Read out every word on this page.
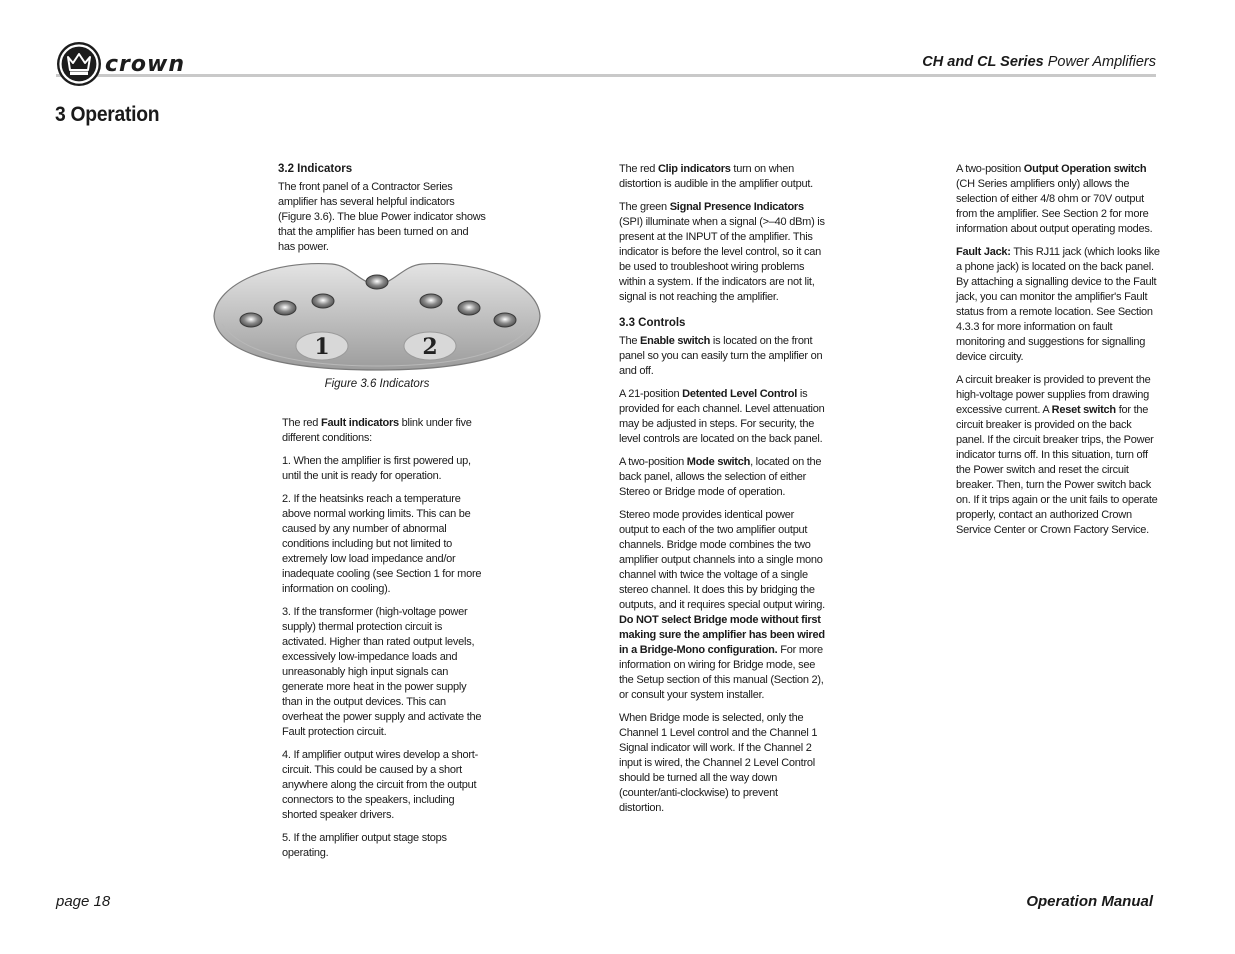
crown	CH and CL Series Power Amplifiers
3 Operation
3.2 Indicators

The front panel of a Contractor Series amplifier has several helpful indicators (Figure 3.6). The blue Power indicator shows that the amplifier has been turned on and has power.

1	2
Figure 3.6 Indicators

The red Fault indicators blink under five different conditions:

1. When the amplifier is first powered up, until the unit is ready for operation.

2. If the heatsinks reach a temperature above normal working limits. This can be caused by any number of abnormal conditions including but not limited to extremely low load impedance and/or inadequate cooling (see Section 1 for more information on cooling).

3. If the transformer (high-voltage power supply) thermal protection circuit is activated. Higher than rated output levels, excessively low-impedance loads and unreasonably high input signals can generate more heat in the power supply than in the output devices. This can overheat the power supply and activate the Fault protection circuit.

4. If amplifier output wires develop a short-circuit. This could be caused by a short anywhere along the circuit from the output connectors to the speakers, including shorted speaker drivers.

5. If the amplifier output stage stops operating.

The red Clip indicators turn on when distortion is audible in the amplifier output.

The green Signal Presence Indicators (SPI) illuminate when a signal (>–40 dBm) is present at the INPUT of the amplifier. This indicator is before the level control, so it can be used to troubleshoot wiring problems within a system. If the indicators are not lit, signal is not reaching the amplifier.

3.3 Controls

The Enable switch is located on the front panel so you can easily turn the amplifier on and off.

A 21-position Detented Level Control is provided for each channel. Level attenuation may be adjusted in steps. For security, the level controls are located on the back panel.

A two-position Mode switch, located on the back panel, allows the selection of either Stereo or Bridge mode of operation.

Stereo mode provides identical power output to each of the two amplifier output channels. Bridge mode combines the two amplifier output channels into a single mono channel with twice the voltage of a single stereo channel. It does this by bridging the outputs, and it requires special output wiring. Do NOT select Bridge mode without first making sure the amplifier has been wired in a Bridge-Mono configuration. For more information on wiring for Bridge mode, see the Setup section of this manual (Section 2), or consult your system installer.

When Bridge mode is selected, only the Channel 1 Level control and the Channel 1 Signal indicator will work. If the Channel 2 input is wired, the Channel 2 Level Control should be turned all the way down (counter/anti-clockwise) to prevent distortion.

A two-position Output Operation switch (CH Series amplifiers only) allows the selection of either 4/8 ohm or 70V output from the amplifier. See Section 2 for more information about output operating modes.

Fault Jack: This RJ11 jack (which looks like a phone jack) is located on the back panel. By attaching a signalling device to the Fault jack, you can monitor the amplifier's Fault status from a remote location. See Section 4.3.3 for more information on fault monitoring and suggestions for signalling device circuity.

A circuit breaker is provided to prevent the high-voltage power supplies from drawing excessive current. A Reset switch for the circuit breaker is provided on the back panel. If the circuit breaker trips, the Power indicator turns off. In this situation, turn off the Power switch and reset the circuit breaker. Then, turn the Power switch back on. If it trips again or the unit fails to operate properly, contact an authorized Crown Service Center or Crown Factory Service.

page 18	Operation Manual
